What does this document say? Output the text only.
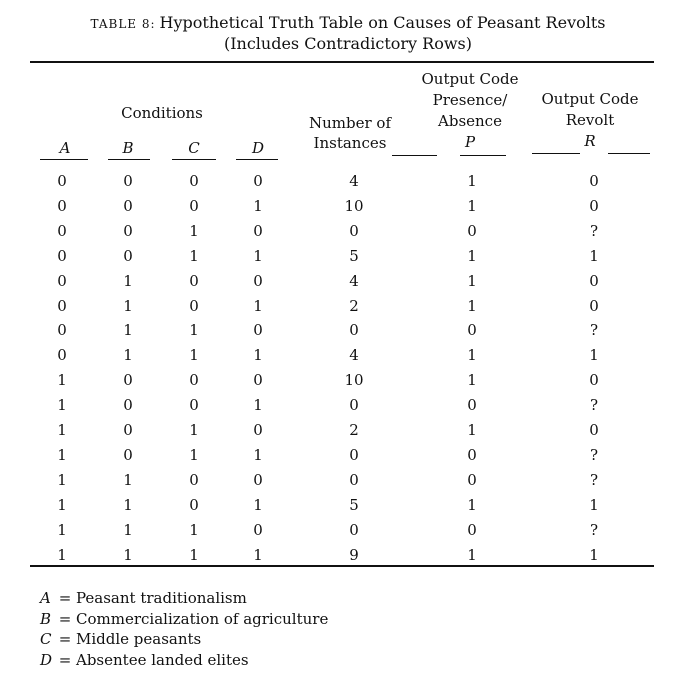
TABLE 8: Hypothetical Truth Table on Causes of Peasant Revolts
(Includes Contradictory Rows)
Conditions
A	B	C	D
Number of
Instances
Output Code
Presence/
Absence
P
Output Code
Revolt
R
0	0	0	0	4	1	0
0	0	0	1	10	1	0
0	0	1	0	0	0	?
0	0	1	1	5	1	1
0	1	0	0	4	1	0
0	1	0	1	2	1	0
0	1	1	0	0	0	?
0	1	1	1	4	1	1
1	0	0	0	10	1	0
1	0	0	1	0	0	?
1	0	1	0	2	1	0
1	0	1	1	0	0	?
1	1	0	0	0	0	?
1	1	0	1	5	1	1
1	1	1	0	0	0	?
1	1	1	1	9	1	1
A = Peasant traditionalism
B = Commercialization of agriculture
C = Middle peasants
D = Absentee landed elites
